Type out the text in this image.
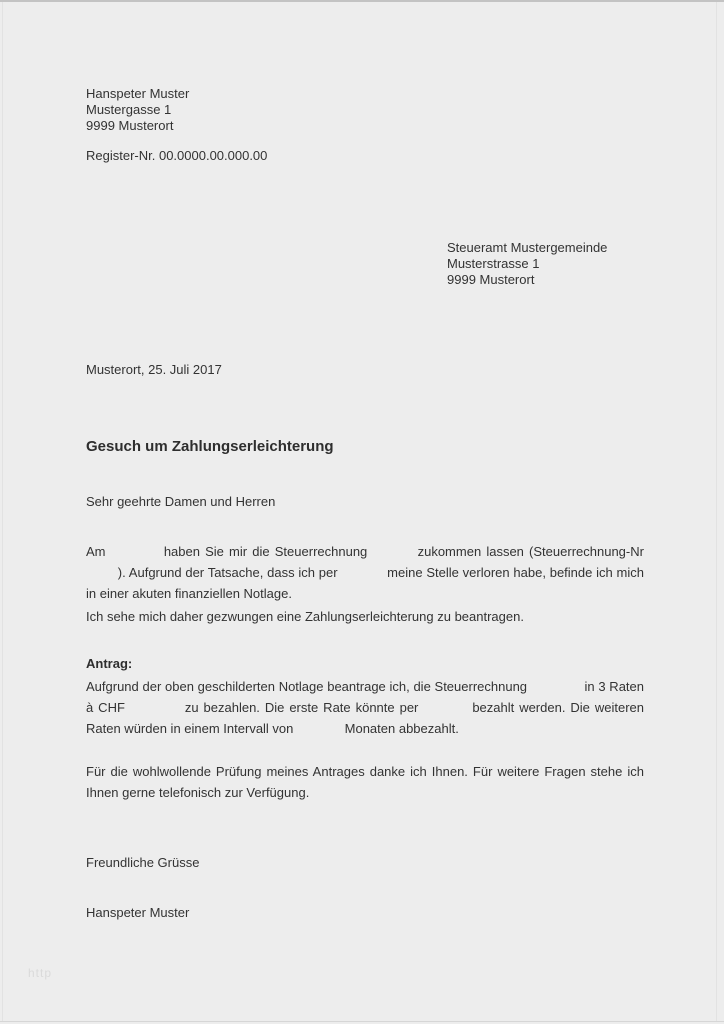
Hanspeter Muster
Mustergasse 1
9999 Musterort
Register-Nr. 00.0000.00.000.00
Steueramt Mustergemeinde
Musterstrasse 1
9999 Musterort
Musterort, 25. Juli 2017
Gesuch um Zahlungserleichterung
Sehr geehrte Damen und Herren

Am	haben Sie mir die Steuerrechnung	zukommen lassen (Steuerrechnung-Nr  ). Aufgrund der Tatsache, dass ich per	meine Stelle verloren habe, befinde ich mich in einer akuten finanziellen Notlage.

Ich sehe mich daher gezwungen eine Zahlungserleichterung zu beantragen.

Antrag:

Aufgrund der oben geschilderten Notlage beantrage ich, die Steuerrechnung	in 3 Raten à CHF	zu bezahlen. Die erste Rate könnte per	bezahlt werden. Die weiteren Raten würden in einem Intervall von	Monaten abbezahlt.

Für die wohlwollende Prüfung meines Antrages danke ich Ihnen. Für weitere Fragen stehe ich Ihnen gerne telefonisch zur Verfügung.

Freundliche Grüsse
Hanspeter Muster
http
